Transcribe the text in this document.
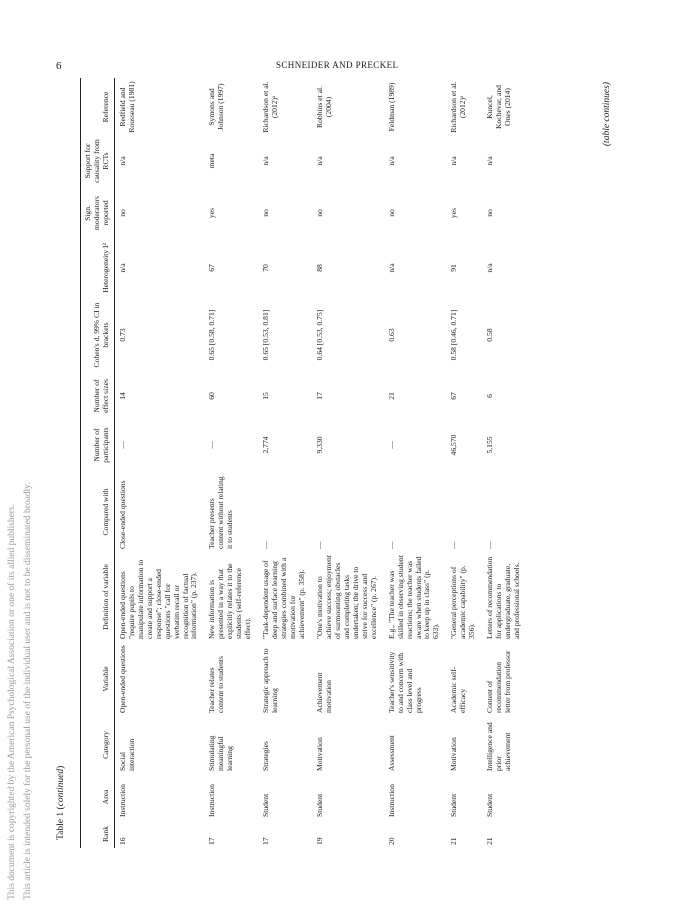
6	SCHNEIDER AND PRECKEL
This document is copyrighted by the American Psychological Association or one of its allied publishers. This article is intended solely for the personal use of the individual user and is not to be disseminated broadly.	Table 1 (continued)
Rank	Area	Category	Variable	Definition of variable	Compared with	Number of participants	Number of effect sizes	Cohen's d, 99% CI in brackets	Heterogeneity I²	Sign. moderators reported	Support for causality from RCTs	Reference
16	Instruction	Social interaction	Open-ended questions	Open-ended questions "require pupils to manipulate information to create and support a response"; close-ended questions "call for verbatim recall or recognition of factual information" (p. 237).	Close-ended questions	—	14	0.73	n/a	no	n/a	Redfield and Rousseau (1981)
17	Instruction	Stimulating meaningful learning	Teacher relates content to students	New information is presented in a way that explicitly relates it to the students (self-reference effect).	Teacher presents content without relating it to students	—	60	0.65 [0.58, 0.71]	67	yes	meta	Symons and Johnson (1997)
17	Student	Strategies	Strategic approach to learning	"Task-dependent usage of deep and surface learning strategies combined with a motivation for achievement" (p. 358).	—	2,774	15	0.65 [0.53, 0.81]	70	no	n/a	Richardson et al. (2012)ᵃ
19	Student	Motivation	Achievement motivation	"One's motivation to achieve success; enjoyment of surmounting obstacles and completing tasks undertaken; the drive to strive for success and excellence" (p. 267).	—	9,330	17	0.64 [0.53, 0.75]	88	no	n/a	Robbins et al. (2004)
20	Instruction	Assessment	Teacher's sensitivity to and concern with class level and progress	E.g., "The teacher was skilled in observing student reactions; the teacher was aware when students failed to keep up in class" (p. 633).	—	—	21	0.63	n/a	no	n/a	Feldman (1989)
21	Student	Motivation	Academic self-efficacy	"General perceptions of academic capability" (p. 356).	—	46,570	67	0.58 [0.46, 0.71]	91	yes	n/a	Richardson et al. (2012)ᵃ
21	Student	Intelligence and prior achievement	Content of recommendation letter from professor	Letters of recommendation for applications to undergraduate, graduate, and professional schools.	—	5,155	6	0.58	n/a	no	n/a	Kuncel, Kochevar, and Ones (2014)	(table continues)
